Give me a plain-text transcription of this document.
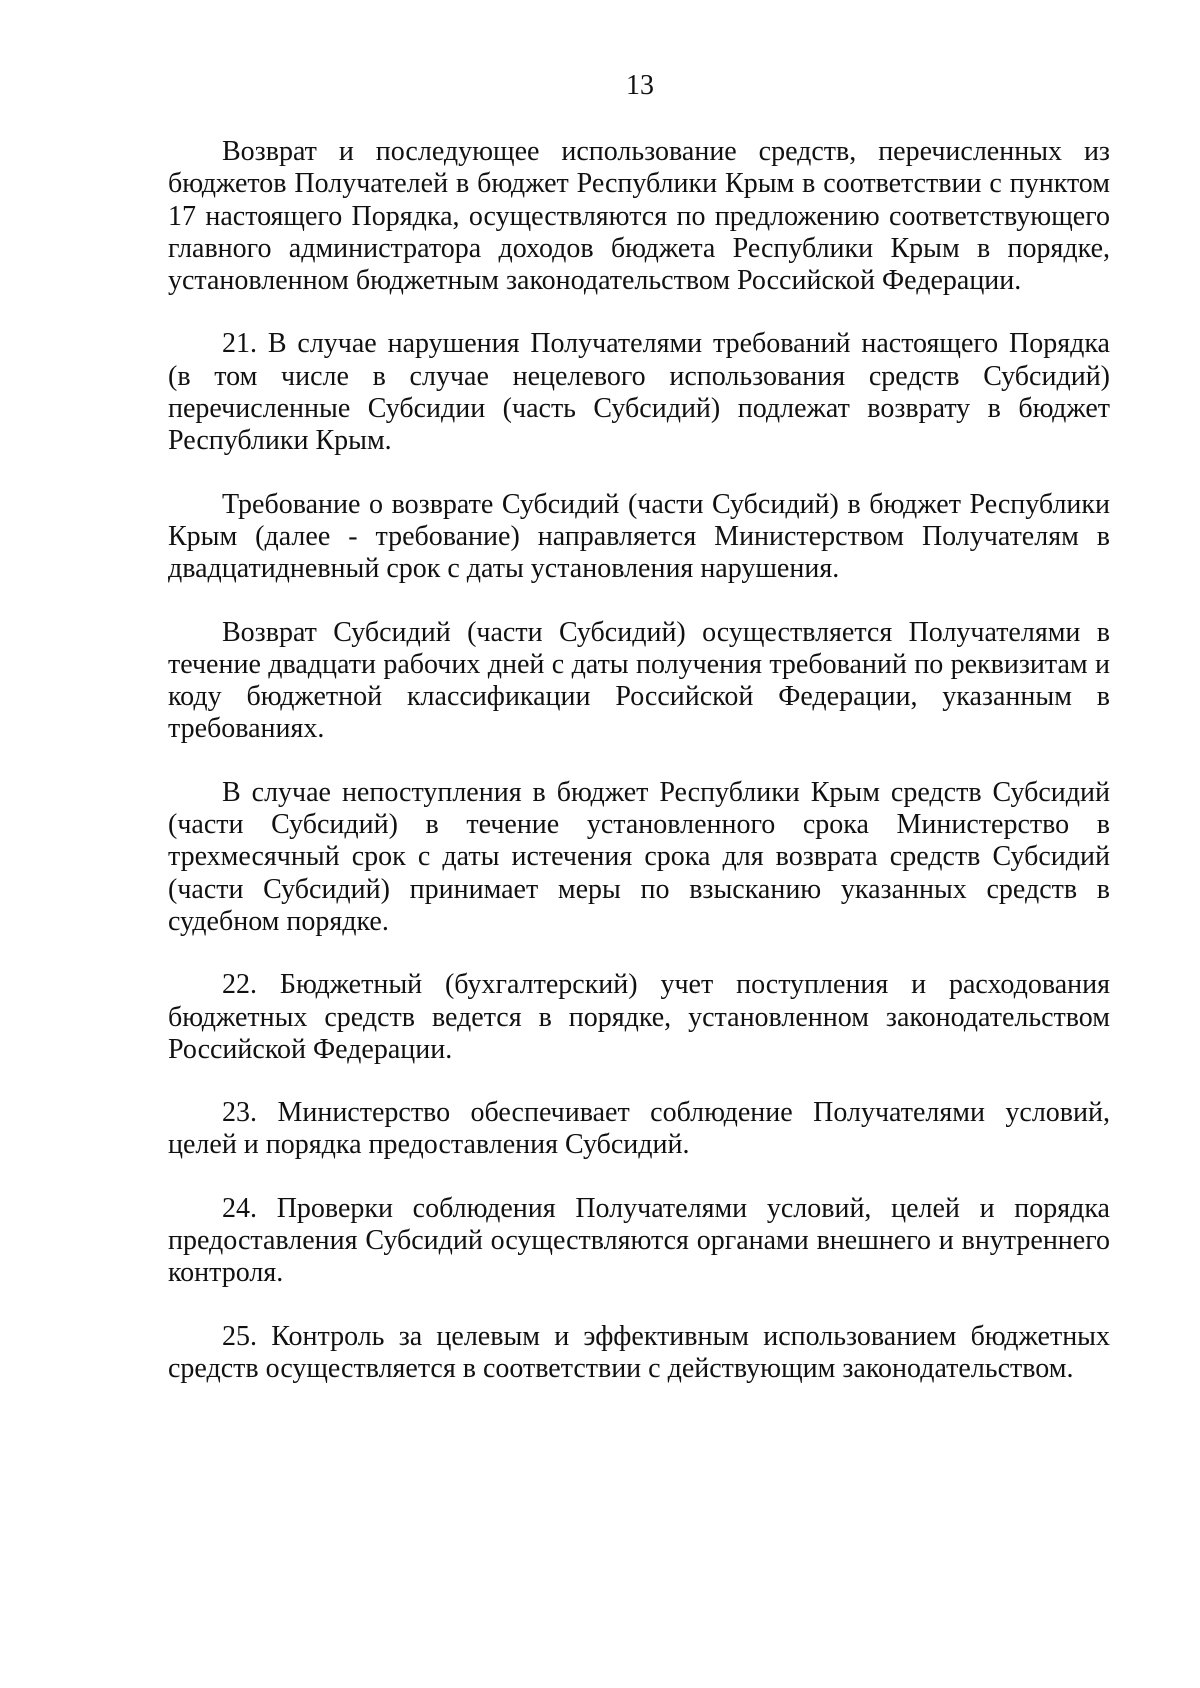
13

Возврат и последующее использование средств, перечисленных из бюджетов Получателей в бюджет Республики Крым в соответствии с пунктом 17 настоящего Порядка, осуществляются по предложению соответствующего главного администратора доходов бюджета Республики Крым в порядке, установленном бюджетным законодательством Российской Федерации.

21. В случае нарушения Получателями требований настоящего Порядка (в том числе в случае нецелевого использования средств Субсидий) перечисленные Субсидии (часть Субсидий) подлежат возврату в бюджет Республики Крым.

Требование о возврате Субсидий (части Субсидий) в бюджет Республики Крым (далее - требование) направляется Министерством Получателям в двадцатидневный срок с даты установления нарушения.

Возврат Субсидий (части Субсидий) осуществляется Получателями в течение двадцати рабочих дней с даты получения требований по реквизитам и коду бюджетной классификации Российской Федерации, указанным в требованиях.

В случае непоступления в бюджет Республики Крым средств Субсидий (части Субсидий) в течение установленного срока Министерство в трехмесячный срок с даты истечения срока для возврата средств Субсидий (части Субсидий) принимает меры по взысканию указанных средств в судебном порядке.

22. Бюджетный (бухгалтерский) учет поступления и расходования бюджетных средств ведется в порядке, установленном законодательством Российской Федерации.

23. Министерство обеспечивает соблюдение Получателями условий, целей и порядка предоставления Субсидий.

24. Проверки соблюдения Получателями условий, целей и порядка предоставления Субсидий осуществляются органами внешнего и внутреннего контроля.

25. Контроль за целевым и эффективным использованием бюджетных средств осуществляется в соответствии с действующим законодательством.
